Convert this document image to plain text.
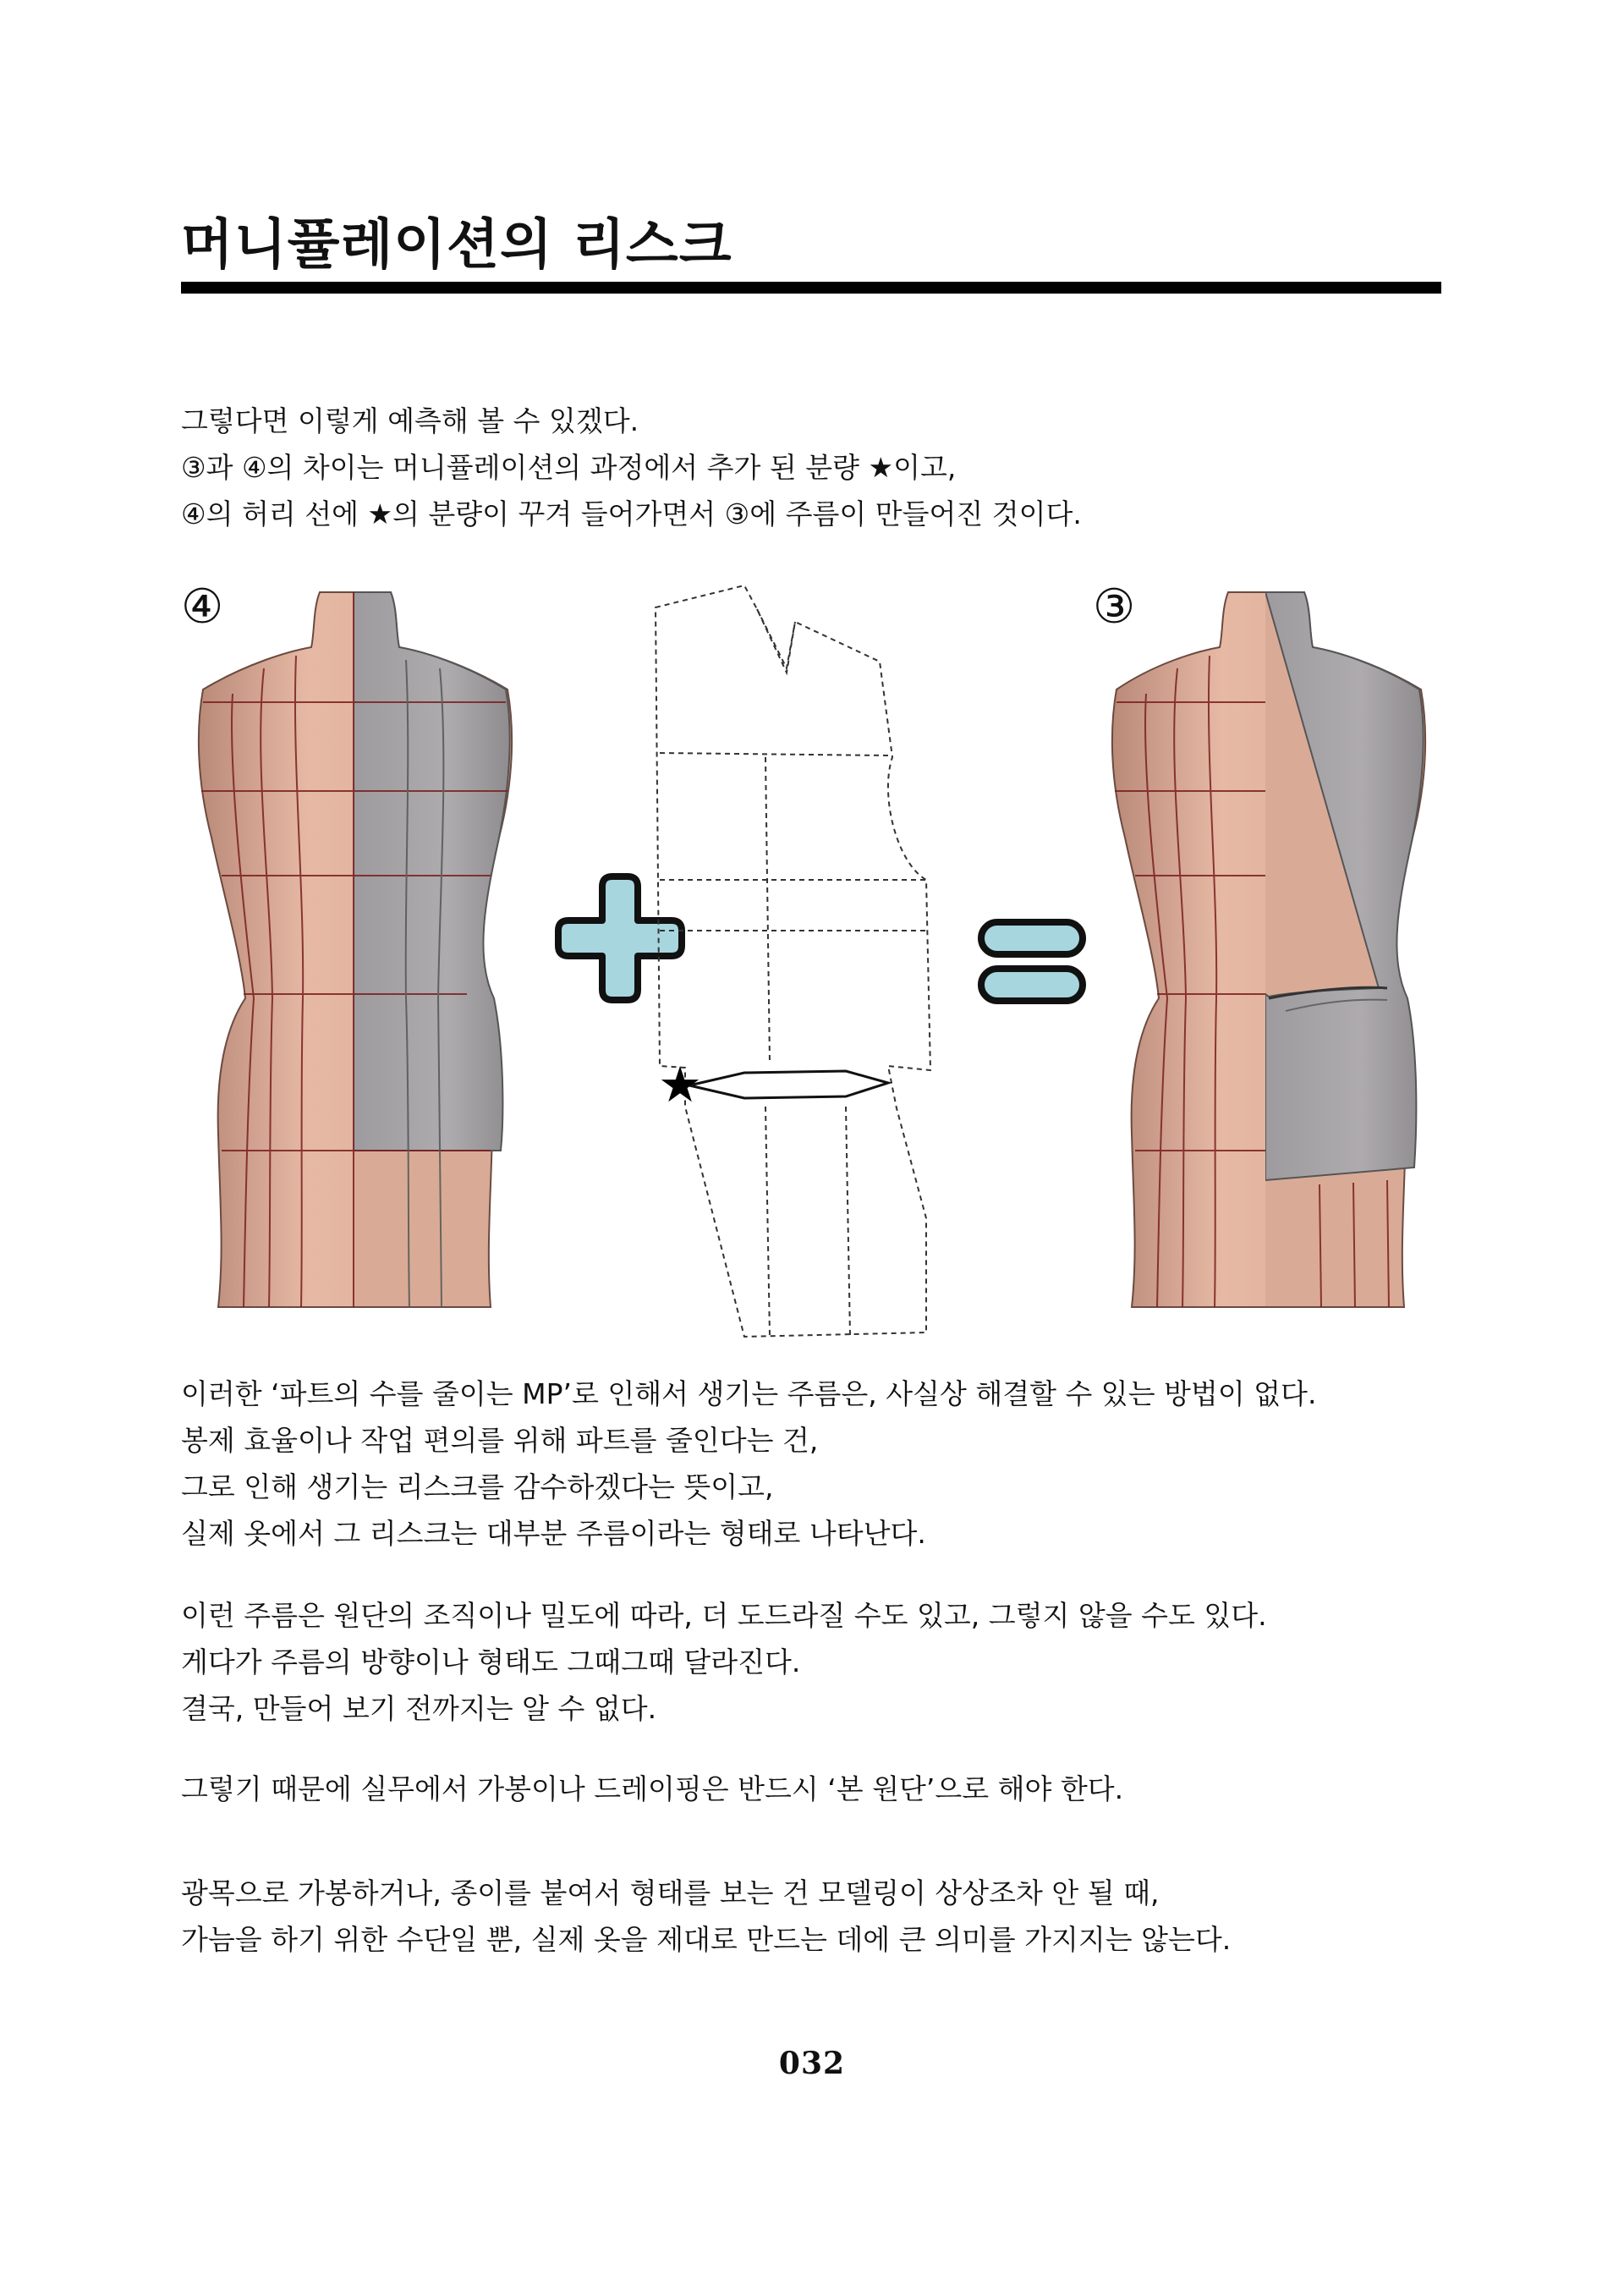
머니퓰레이션의 리스크

그렇다면 이렇게 예측해 볼 수 있겠다.

③과 ④의 차이는 머니퓰레이션의 과정에서 추가 된 분량 ★이고,

④의 허리 선에 ★의 분량이 꾸겨 들어가면서 ③에 주름이 만들어진 것이다.

④	③
★

이러한 ‘파트의 수를 줄이는 MP’로 인해서 생기는 주름은, 사실상 해결할 수 있는 방법이 없다.

봉제 효율이나 작업 편의를 위해 파트를 줄인다는 건,

그로 인해 생기는 리스크를 감수하겠다는 뜻이고,

실제 옷에서 그 리스크는 대부분 주름이라는 형태로 나타난다.

이런 주름은 원단의 조직이나 밀도에 따라, 더 도드라질 수도 있고, 그렇지 않을 수도 있다.

게다가 주름의 방향이나 형태도 그때그때 달라진다.

결국, 만들어 보기 전까지는 알 수 없다.

그렇기 때문에 실무에서 가봉이나 드레이핑은 반드시 ‘본 원단’으로 해야 한다.

광목으로 가봉하거나, 종이를 붙여서 형태를 보는 건 모델링이 상상조차 안 될 때,

가늠을 하기 위한 수단일 뿐, 실제 옷을 제대로 만드는 데에 큰 의미를 가지지는 않는다.

032
